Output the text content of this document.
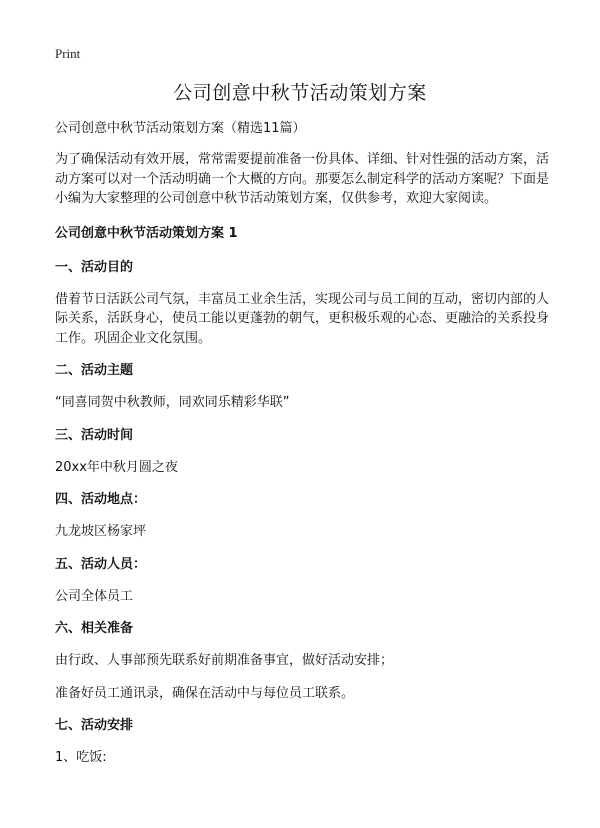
Print
公司创意中秋节活动策划方案

公司创意中秋节活动策划方案（精选11篇）

为了确保活动有效开展，常常需要提前准备一份具体、详细、针对性强的活动方案，活动方案可以对一个活动明确一个大概的方向。那要怎么制定科学的活动方案呢？下面是小编为大家整理的公司创意中秋节活动策划方案，仅供参考，欢迎大家阅读。

公司创意中秋节活动策划方案 1

一、活动目的

借着节日活跃公司气氛，丰富员工业余生活，实现公司与员工间的互动，密切内部的人际关系，活跃身心，使员工能以更蓬勃的朝气，更积极乐观的心态、更融洽的关系投身工作。巩固企业文化氛围。

二、活动主题

“同喜同贺中秋教师，同欢同乐精彩华联”

三、活动时间

20xx年中秋月圆之夜

四、活动地点：

九龙坡区杨家坪

五、活动人员：

公司全体员工

六、相关准备

由行政、人事部预先联系好前期准备事宜，做好活动安排；

准备好员工通讯录，确保在活动中与每位员工联系。

七、活动安排

1、吃饭:
